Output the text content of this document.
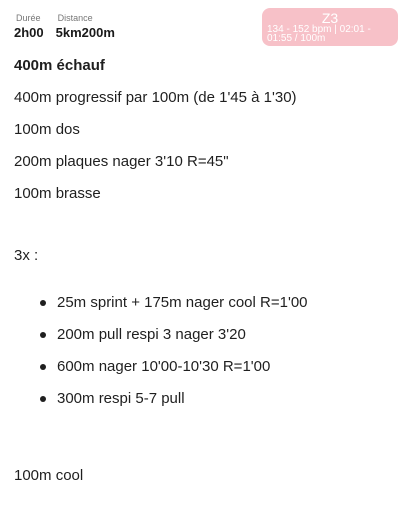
Durée
2h00
Distance
5km200m
Z3
134 - 152 bpm | 02:01 - 01:55 / 100m
400m échauf
400m progressif par 100m (de 1'45 à 1'30)
100m dos
200m plaques nager 3'10 R=45"
100m brasse
3x :
25m sprint + 175m nager cool R=1'00
200m pull respi 3 nager 3'20
600m nager 10'00-10'30 R=1'00
300m respi 5-7 pull
100m cool
